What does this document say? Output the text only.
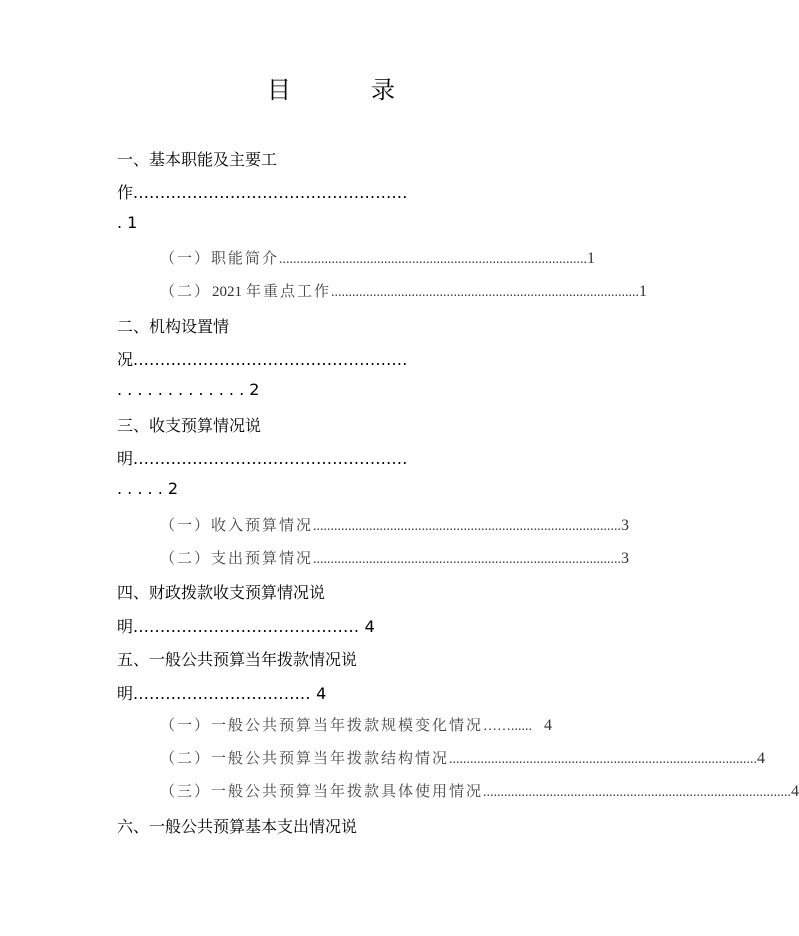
目　录
一、基本职能及主要工
作...................................................
. 1
（一）职能简介 ........................................................................................ 1
（二） 2021 年重点工作 ........................................................................................ 1
二、机构设置情
况...................................................
. . . . . . . . . . . . . 2
三、收支预算情况说
明...................................................
. . . . . 2
（一）收入预算情况 ........................................................................................ 3
（二）支出预算情况 ........................................................................................ 3
四、财政拨款收支预算情况说
明.......................................... 4
五、一般公共预算当年拨款情况说
明................................. 4
（一）一般公共预算当年拨款规模变化情况 ……...... 4
（二）一般公共预算当年拨款结构情况 ........................................................................................ 4
（三）一般公共预算当年拨款具体使用情况 ........................................................................................ 4
六、一般公共预算基本支出情况说
